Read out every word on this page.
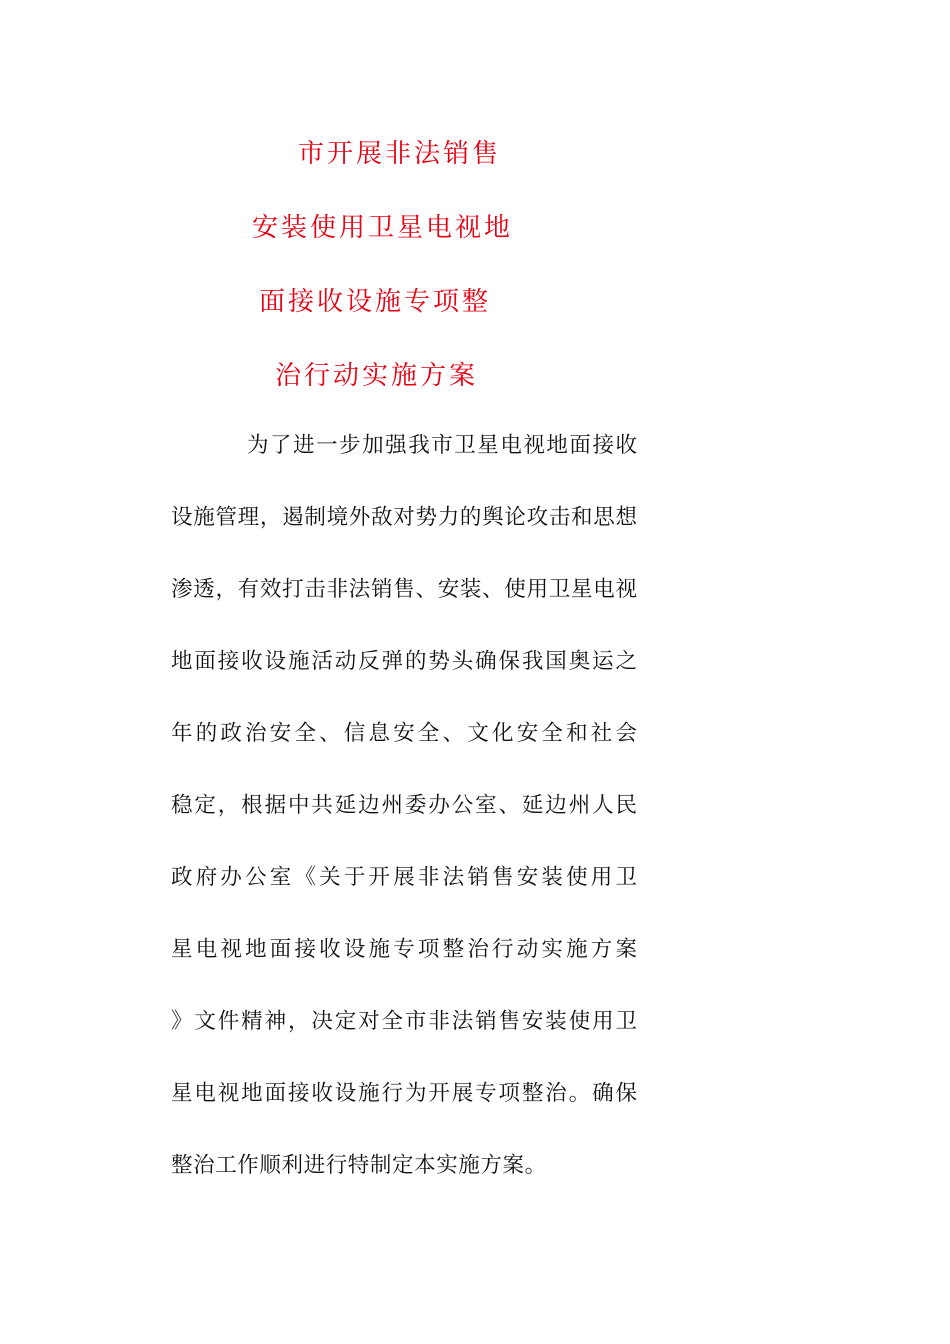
市开展非法销售
安装使用卫星电视地
面接收设施专项整
治行动实施方案
为了进一步加强我市卫星电视地面接收
设施管理，遏制境外敌对势力的舆论攻击和思想
渗透，有效打击非法销售、安装、使用卫星电视
地面接收设施活动反弹的势头确保我国奥运之
年的政治安全、信息安全、文化安全和社会
稳定，根据中共延边州委办公室、延边州人民
政府办公室《关于开展非法销售安装使用卫
星电视地面接收设施专项整治行动实施方案
》文件精神，决定对全市非法销售安装使用卫
星电视地面接收设施行为开展专项整治。确保
整治工作顺利进行特制定本实施方案。
